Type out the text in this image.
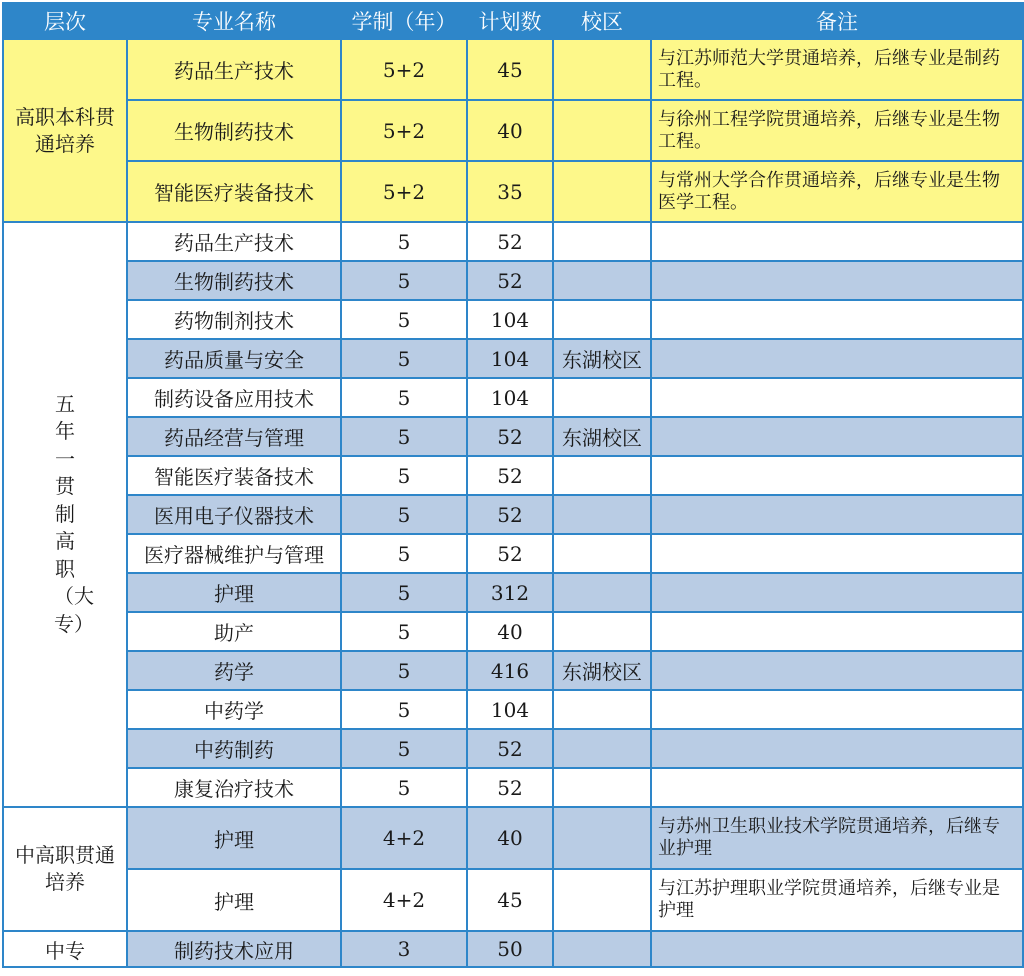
层次	专业名称	学制（年）	计划数	校区	备注
高职本科贯通培养	药品生产技术	5+2	45		与江苏师范大学贯通培养，后继专业是制药工程。
	生物制药技术	5+2	40		与徐州工程学院贯通培养，后继专业是生物工程。
	智能医疗装备技术	5+2	35		与常州大学合作贯通培养，后继专业是生物医学工程。
五年一贯制高职（大专）	药品生产技术	5	52		
	生物制药技术	5	52		
	药物制剂技术	5	104		
	药品质量与安全	5	104	东湖校区	
	制药设备应用技术	5	104		
	药品经营与管理	5	52	东湖校区	
	智能医疗装备技术	5	52		
	医用电子仪器技术	5	52		
	医疗器械维护与管理	5	52		
	护理	5	312		
	助产	5	40		
	药学	5	416	东湖校区	
	中药学	5	104		
	中药制药	5	52		
	康复治疗技术	5	52		
中高职贯通培养	护理	4+2	40		与苏州卫生职业技术学院贯通培养，后继专业护理
	护理	4+2	45		与江苏护理职业学院贯通培养，后继专业是护理
中专	制药技术应用	3	50		
